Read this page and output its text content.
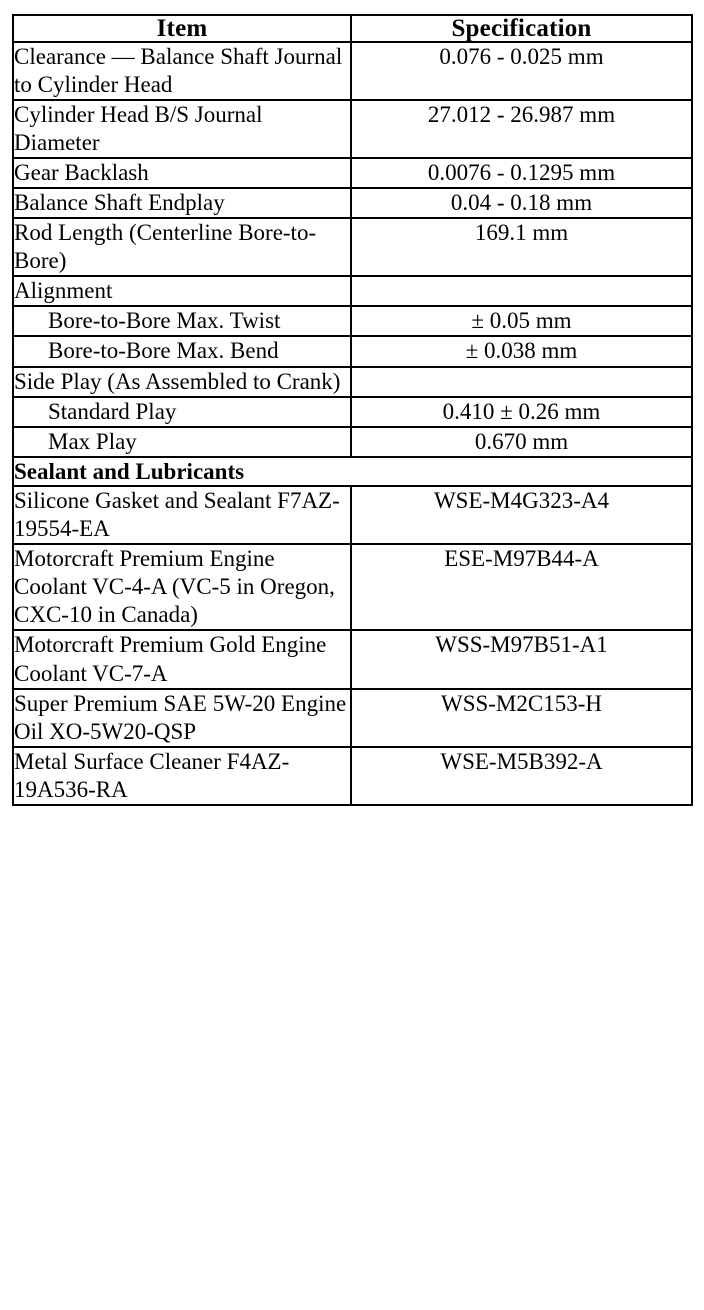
Item	Specification
Clearance — Balance Shaft Journal to Cylinder Head	0.076 - 0.025 mm
Cylinder Head B/S Journal Diameter	27.012 - 26.987 mm
Gear Backlash	0.0076 - 0.1295 mm
Balance Shaft Endplay	0.04 - 0.18 mm
Rod Length (Centerline Bore-to-Bore)	169.1 mm
Alignment	
Bore-to-Bore Max. Twist	± 0.05 mm
Bore-to-Bore Max. Bend	± 0.038 mm
Side Play (As Assembled to Crank)	
Standard Play	0.410 ± 0.26 mm
Max Play	0.670 mm
Sealant and Lubricants	
Silicone Gasket and Sealant F7AZ-19554-EA	WSE-M4G323-A4
Motorcraft Premium Engine Coolant VC-4-A (VC-5 in Oregon, CXC-10 in Canada)	ESE-M97B44-A
Motorcraft Premium Gold Engine Coolant VC-7-A	WSS-M97B51-A1
Super Premium SAE 5W-20 Engine Oil XO-5W20-QSP	WSS-M2C153-H
Metal Surface Cleaner F4AZ-19A536-RA	WSE-M5B392-A
